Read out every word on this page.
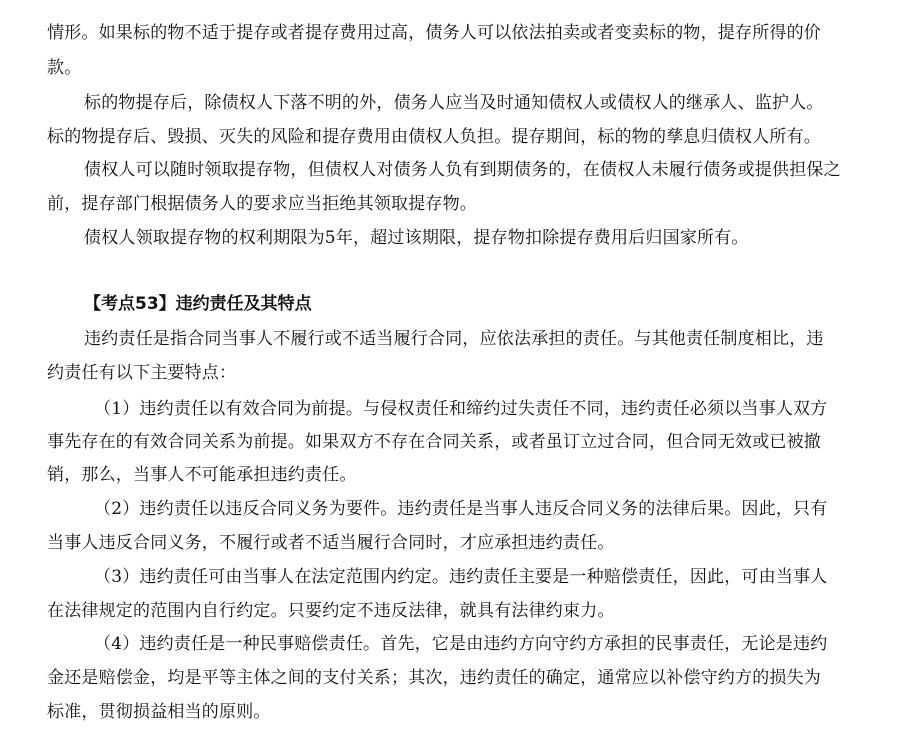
情形。如果标的物不适于提存或者提存费用过高，债务人可以依法拍卖或者变卖标的物，提存所得的价
款。
标的物提存后，除债权人下落不明的外，债务人应当及时通知债权人或债权人的继承人、监护人。
标的物提存后、毁损、灭失的风险和提存费用由债权人负担。提存期间，标的物的孳息归债权人所有。
债权人可以随时领取提存物，但债权人对债务人负有到期债务的，在债权人未履行债务或提供担保之
前，提存部门根据债务人的要求应当拒绝其领取提存物。
债权人领取提存物的权利期限为5年，超过该期限，提存物扣除提存费用后归国家所有。
【考点53】违约责任及其特点
违约责任是指合同当事人不履行或不适当履行合同，应依法承担的责任。与其他责任制度相比，违
约责任有以下主要特点：
（1）违约责任以有效合同为前提。与侵权责任和缔约过失责任不同，违约责任必须以当事人双方
事先存在的有效合同关系为前提。如果双方不存在合同关系，或者虽订立过合同，但合同无效或已被撤
销，那么，当事人不可能承担违约责任。
（2）违约责任以违反合同义务为要件。违约责任是当事人违反合同义务的法律后果。因此，只有
当事人违反合同义务，不履行或者不适当履行合同时，才应承担违约责任。
（3）违约责任可由当事人在法定范围内约定。违约责任主要是一种赔偿责任，因此，可由当事人
在法律规定的范围内自行约定。只要约定不违反法律，就具有法律约束力。
（4）违约责任是一种民事赔偿责任。首先，它是由违约方向守约方承担的民事责任，无论是违约
金还是赔偿金，均是平等主体之间的支付关系；其次，违约责任的确定，通常应以补偿守约方的损失为
标准，贯彻损益相当的原则。
